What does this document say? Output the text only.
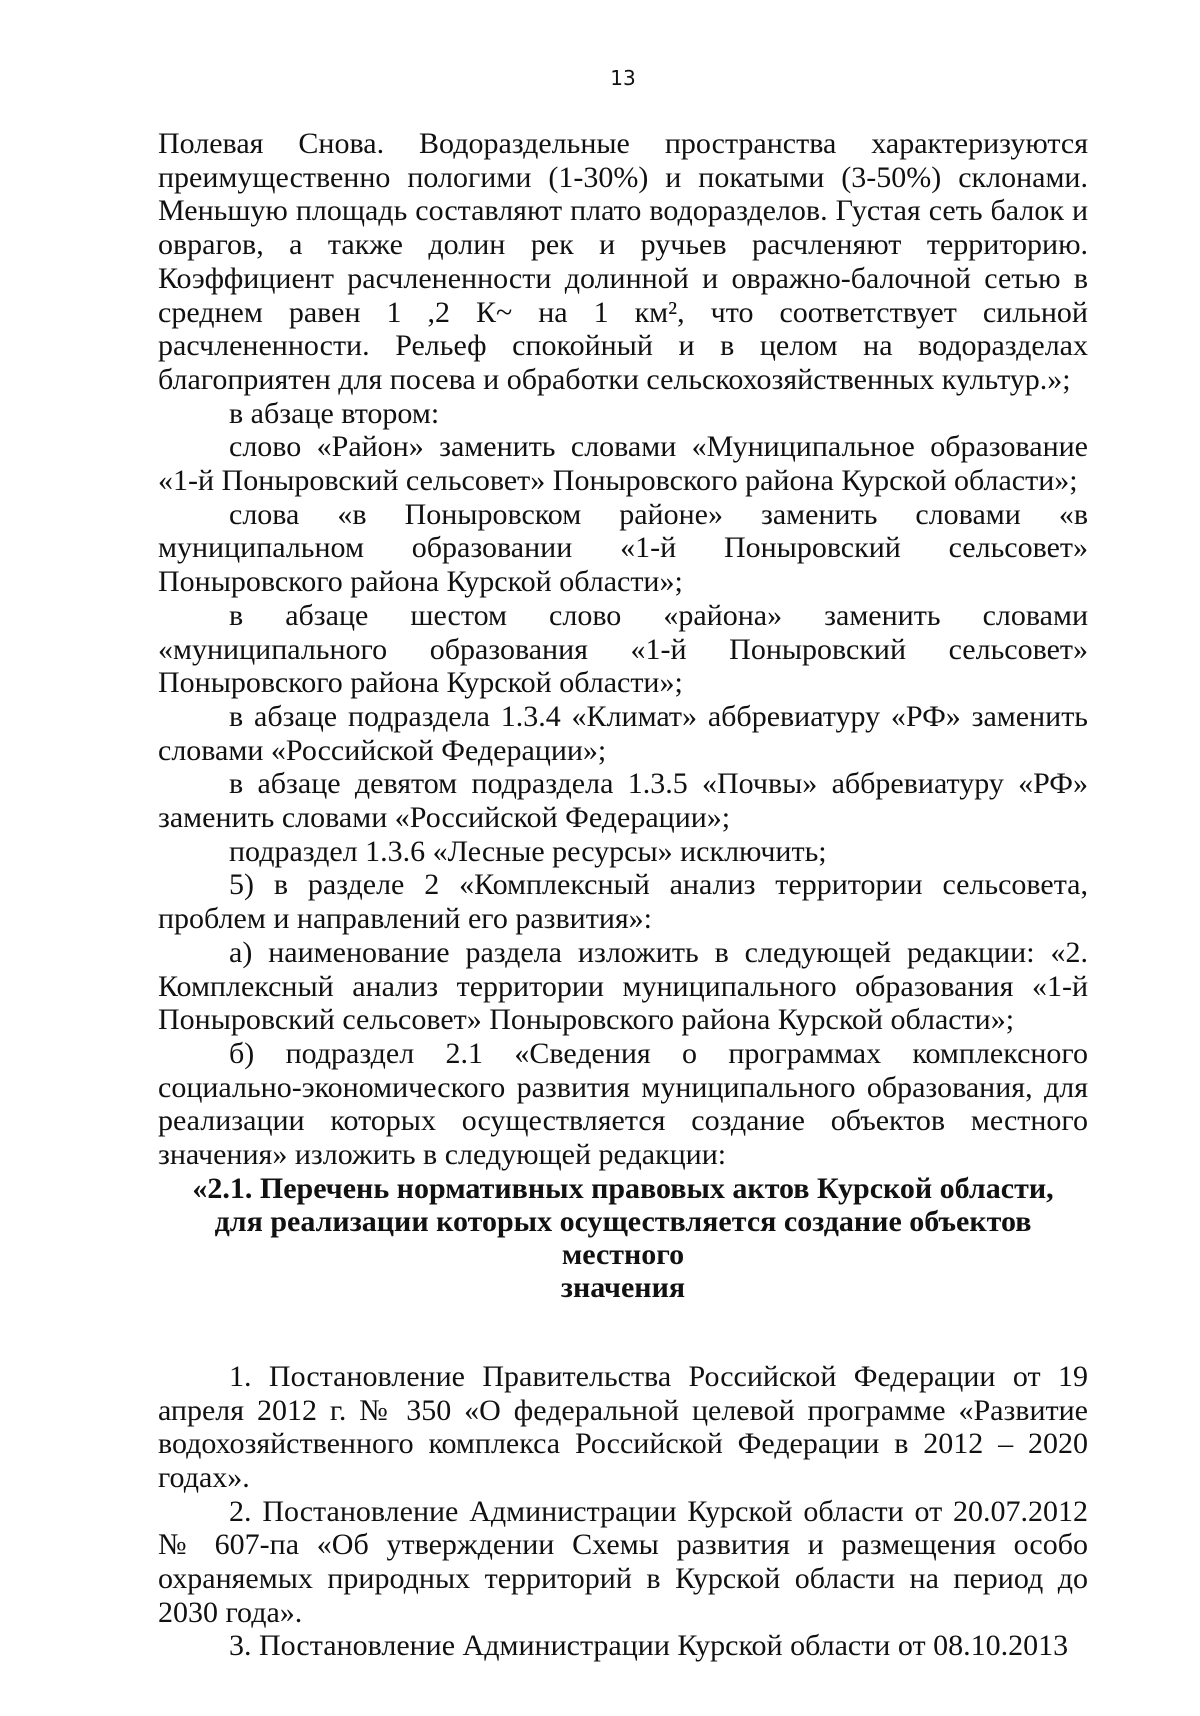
13

Полевая Снова. Водораздельные пространства характеризуются преимущественно пологими (1-30%) и покатыми (3-50%) склонами. Меньшую площадь составляют плато водоразделов. Густая сеть балок и оврагов, а также долин рек и ручьев расчленяют территорию. Коэффициент расчлененности долинной и овражно-балочной сетью в среднем равен 1 ,2 К~ на 1 км², что соответствует сильной расчлененности. Рельеф спокойный и в целом на водоразделах благоприятен для посева и обработки сельскохозяйственных культур.»;

в абзаце втором:

слово «Район» заменить словами «Муниципальное образование «1-й Поныровский сельсовет» Поныровского района Курской области»;

слова «в Поныровском районе» заменить словами «в муниципальном образовании «1-й Поныровский сельсовет» Поныровского района Курской области»;

в абзаце шестом слово «района» заменить словами «муниципального образования «1-й Поныровский сельсовет» Поныровского района Курской области»;

в абзаце подраздела 1.3.4 «Климат» аббревиатуру «РФ» заменить словами «Российской Федерации»;

в абзаце девятом подраздела 1.3.5 «Почвы» аббревиатуру «РФ» заменить словами «Российской Федерации»;

подраздел 1.3.6 «Лесные ресурсы» исключить;

5) в разделе 2 «Комплексный анализ территории сельсовета, проблем и направлений его развития»:

а) наименование раздела изложить в следующей редакции: «2. Комплексный анализ территории муниципального образования «1-й Поныровский сельсовет» Поныровского района Курской области»;

б) подраздел 2.1 «Сведения о программах комплексного социально-экономического развития муниципального образования, для реализации которых осуществляется создание объектов местного значения» изложить в следующей редакции:

«2.1. Перечень нормативных правовых актов Курской области,
для реализации которых осуществляется создание объектов местного
значения

1. Постановление Правительства Российской Федерации от 19 апреля 2012 г. № 350 «О федеральной целевой программе «Развитие водохозяйственного комплекса Российской Федерации в 2012 – 2020 годах».

2. Постановление Администрации Курской области от 20.07.2012 № 607-па «Об утверждении Схемы развития и размещения особо охраняемых природных территорий в Курской области на период до 2030 года».

3. Постановление Администрации Курской области от 08.10.2013
